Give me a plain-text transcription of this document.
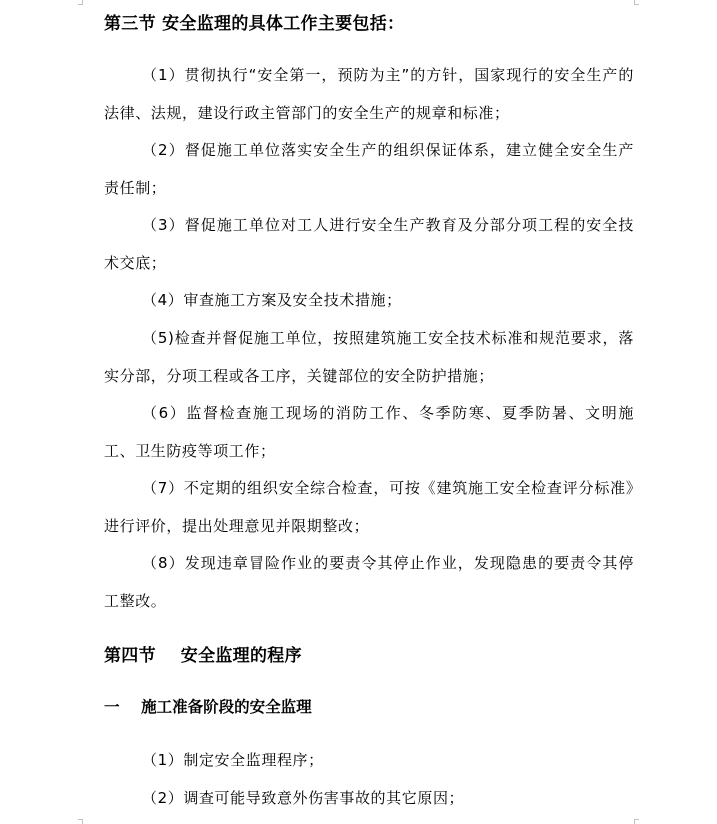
第三节 安全监理的具体工作主要包括：
（1）贯彻执行“安全第一，预防为主”的方针，国家现行的安全生产的法律、法规，建设行政主管部门的安全生产的规章和标准；
（2）督促施工单位落实安全生产的组织保证体系，建立健全安全生产责任制；
（3）督促施工单位对工人进行安全生产教育及分部分项工程的安全技术交底；
（4）审查施工方案及安全技术措施；
（5)检查并督促施工单位，按照建筑施工安全技术标准和规范要求，落实分部，分项工程或各工序，关键部位的安全防护措施；
（6）监督检查施工现场的消防工作、冬季防寒、夏季防暑、文明施工、卫生防疫等项工作；
（7）不定期的组织安全综合检查，可按《建筑施工安全检查评分标准》进行评价，提出处理意见并限期整改；
（8）发现违章冒险作业的要责令其停止作业，发现隐患的要责令其停工整改。
第四节    安全监理的程序
一    施工准备阶段的安全监理
（1）制定安全监理程序；
（2）调查可能导致意外伤害事故的其它原因；
